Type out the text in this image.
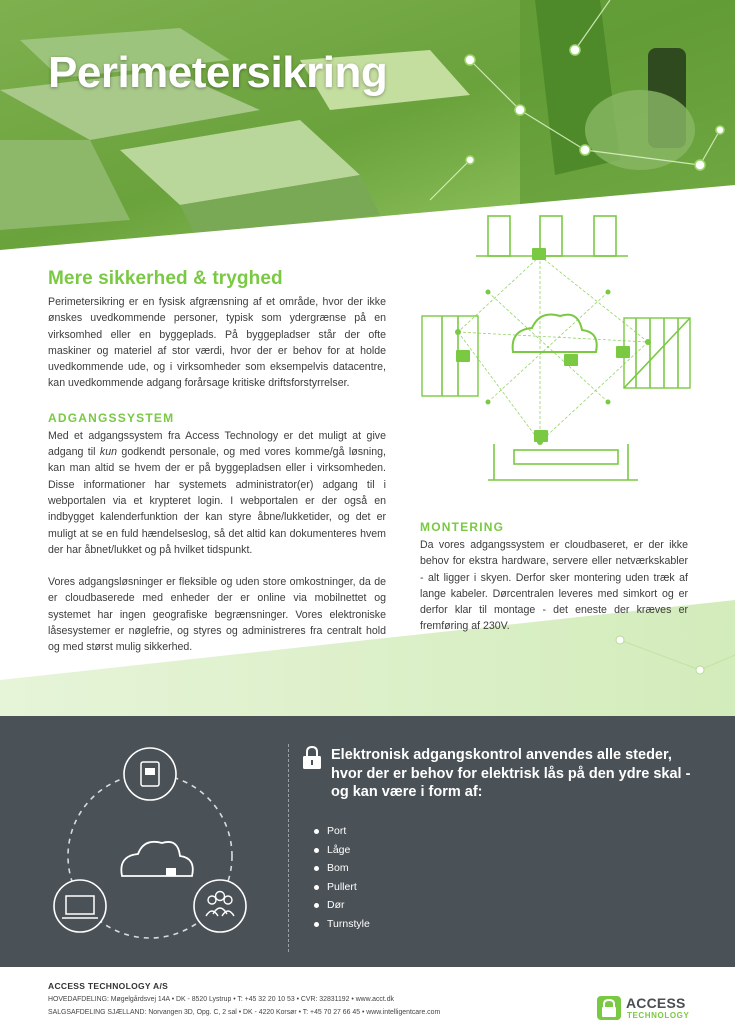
Perimetersikring
Mere sikkerhed & tryghed

Perimetersikring er en fysisk afgrænsning af et område, hvor der ikke ønskes uvedkommende personer, typisk som ydergrænse på en virksomhed eller en byggeplads. På byggepladser står der ofte maskiner og materiel af stor værdi, hvor der er behov for at holde uvedkommende ude, og i virksomheder som eksempelvis datacentre, kan uvedkommende adgang forårsage kritiske driftsforstyrrelser.

ADGANGSSYSTEM

Med et adgangssystem fra Access Technology er det muligt at give adgang til kun godkendt personale, og med vores komme/gå løsning, kan man altid se hvem der er på byggepladsen eller i virksomheden. Disse informationer har systemets administrator(er) adgang til i webportalen via et krypteret login. I webportalen er der også en indbygget kalenderfunktion der kan styre åbne/lukketider, og det er muligt at se en fuld hændelseslog, så det altid kan dokumenteres hvem der har åbnet/lukket og på hvilket tidspunkt.

Vores adgangsløsninger er fleksible og uden store omkostninger, da de er cloudbaserede med enheder der er online via mobilnettet og systemet har ingen geografiske begrænsninger. Vores elektroniske låsesystemer er nøglefrie, og styres og administreres fra centralt hold og med størst mulig sikkerhed.

MONTERING

Da vores adgangssystem er cloudbaseret, er der ikke behov for ekstra hardware, servere eller netværkskabler - alt ligger i skyen. Derfor sker montering uden træk af lange kabeler. Dørcentralen leveres med simkort og er derfor klar til montage - det eneste der kræves er fremføring af 230V.

Elektronisk adgangskontrol anvendes alle steder, hvor der er behov for elektrisk lås på den ydre skal - og kan være i form af:
Port
Låge
Bom
Pullert
Dør
Turnstyle
ACCESS TECHNOLOGY A/S
HOVEDAFDELING: Møgelgårdsvej 14A • DK - 8520 Lystrup • T: +45 32 20 10 53 • CVR: 32831192 • www.acct.dk
SALGSAFDELING SJÆLLAND: Norvangen 3D, Opg. C, 2 sal • DK - 4220 Korsør • T: +45 70 27 66 45 • www.intelligentcare.com
ACCESS
TECHNOLOGY
